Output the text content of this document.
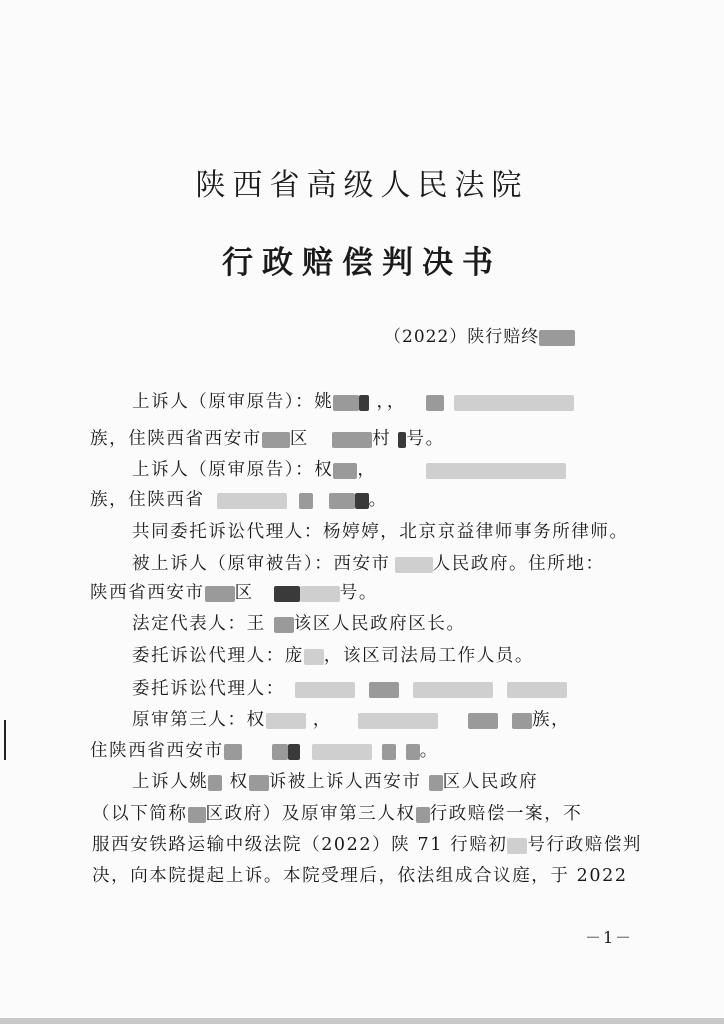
陕西省高级人民法院
行政赔偿判决书
（2022）陕行赔终
上诉人（原审原告）：姚 ，，
族，住陕西省西安市 区	村 号。
上诉人（原审原告）：权 ，
族，住陕西省	。
共同委托诉讼代理人：杨婷婷，北京京益律师事务所律师。
被上诉人（原审被告）：西安市 人民政府。住所地：
陕西省西安市 区	号。
法定代表人：王 该区人民政府区长。
委托诉讼代理人：庞 ，该区司法局工作人员。
委托诉讼代理人：
原审第三人：权 ，	族，
住陕西省西安市	。
上诉人姚 权 诉被上诉人西安市 区人民政府
（以下简称 区政府）及原审第三人权 行政赔偿一案，不
服西安铁路运输中级法院（2022）陕 71 行赔初 号行政赔偿判
决，向本院提起上诉。本院受理后，依法组成合议庭，于 2022
－1－
